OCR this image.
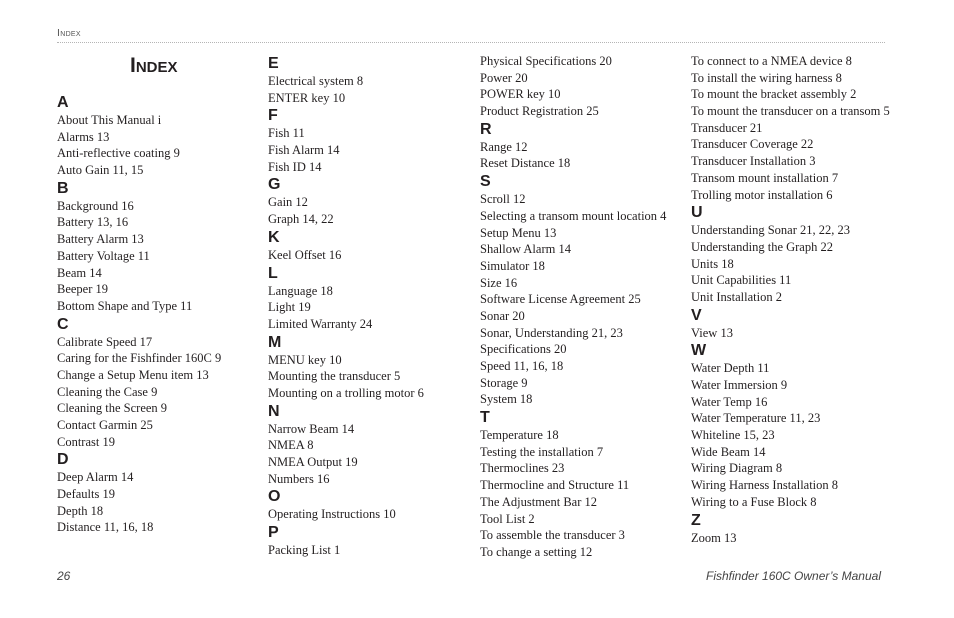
Index
Index
A
About This Manual i
Alarms 13
Anti-reflective coating 9
Auto Gain 11, 15
B
Background 16
Battery 13, 16
Battery Alarm 13
Battery Voltage 11
Beam 14
Beeper 19
Bottom Shape and Type 11
C
Calibrate Speed 17
Caring for the Fishfinder 160C 9
Change a Setup Menu item 13
Cleaning the Case 9
Cleaning the Screen 9
Contact Garmin 25
Contrast 19
D
Deep Alarm 14
Defaults 19
Depth 18
Distance 11, 16, 18
E
Electrical system 8
ENTER key 10
F
Fish 11
Fish Alarm 14
Fish ID 14
G
Gain 12
Graph 14, 22
K
Keel Offset 16
L
Language 18
Light 19
Limited Warranty 24
M
MENU key 10
Mounting the transducer 5
Mounting on a trolling motor 6
N
Narrow Beam 14
NMEA 8
NMEA Output 19
Numbers 16
O
Operating Instructions 10
P
Packing List 1
Physical Specifications 20
Power 20
POWER key 10
Product Registration 25
R
Range 12
Reset Distance 18
S
Scroll 12
Selecting a transom mount location 4
Setup Menu 13
Shallow Alarm 14
Simulator 18
Size 16
Software License Agreement 25
Sonar 20
Sonar, Understanding 21, 23
Specifications 20
Speed 11, 16, 18
Storage 9
System 18
T
Temperature 18
Testing the installation 7
Thermoclines 23
Thermocline and Structure 11
The Adjustment Bar 12
Tool List 2
To assemble the transducer 3
To change a setting 12
To connect to a NMEA device 8
To install the wiring harness 8
To mount the bracket assembly 2
To mount the transducer on a transom 5
Transducer 21
Transducer Coverage 22
Transducer Installation 3
Transom mount installation 7
Trolling motor installation 6
U
Understanding Sonar 21, 22, 23
Understanding the Graph 22
Units 18
Unit Capabilities 11
Unit Installation 2
V
View 13
W
Water Depth 11
Water Immersion 9
Water Temp 16
Water Temperature 11, 23
Whiteline 15, 23
Wide Beam 14
Wiring Diagram 8
Wiring Harness Installation 8
Wiring to a Fuse Block 8
Z
Zoom 13
26	Fishfinder 160C Owner’s Manual
